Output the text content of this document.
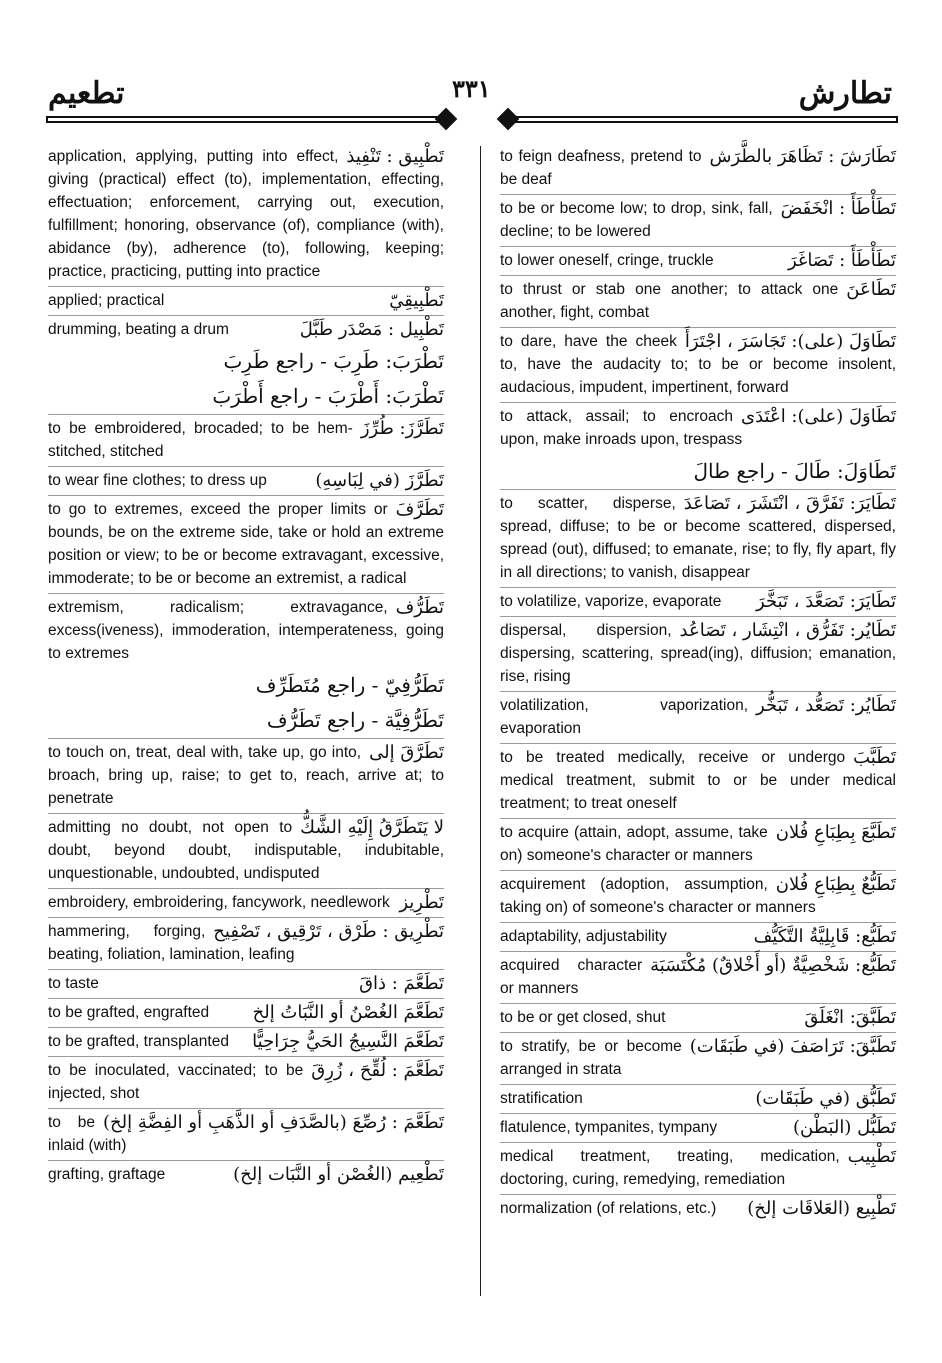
تطارش
٣٣١
تطعيم
تَطْبِيق : تَنْفِيذ
application, applying, putting into effect, giving (practical) effect (to), implementation, effecting, effectuation; enforcement, carrying out, execution, fulfillment; honoring, observance (of), compliance (with), abidance (by), adherence (to), following, keeping; practice, practicing, putting into practice
تَطْبِيقِيّ
applied; practical
تَطْبِيل : مَصْدَر طَبَّلَ
drumming, beating a drum
تَطْرَبَ: طَرِبَ - راجع طَرِبَ
تَطْرَبَ: أَطْرَبَ - راجع أَطْرَبَ
تَطَرَّزَ: طُرِّزَ
to be embroidered, brocaded; to be hem-stitched, stitched
تَطَرَّزَ (في لِبَاسِهِ)
to wear fine clothes; to dress up
تَطَرَّفَ
to go to extremes, exceed the proper limits or bounds, be on the extreme side, take or hold an extreme position or view; to be or become extravagant, excessive, immoderate; to be or become an extremist, a radical
تَطَرُّف
extremism, radicalism; extravagance, excess(iveness), immoderation, intemperateness, going to extremes
تَطَرُّفِيّ - راجع مُتَطَرِّف
تَطَرُّفِيَّة - راجع تَطَرُّف
تَطَرَّقَ إلى
to touch on, treat, deal with, take up, go into, broach, bring up, raise; to get to, reach, arrive at; to penetrate
لا يَتَطَرَّقُ إِلَيْهِ الشَّكُّ
admitting no doubt, not open to doubt, beyond doubt, indisputable, indubitable, unquestionable, undoubted, undisputed
تَطْرِيز
embroidery, embroidering, fancywork, needlework
تَطْرِيق : طَرْق ، تَرْقِيق ، تَصْفِيح
hammering, forging, beating, foliation, lamination, leafing
تَطَعَّمَ : ذاقَ
to taste
تَطَعَّمَ الغُصْنُ أو النَّبَاتُ إلخ
to be grafted, engrafted
تَطَعَّمَ النَّسِيجُ الحَيُّ جِرَاحِيًّا
to be grafted, transplanted
تَطَعَّمَ : لُقِّحَ ، زُرِقَ
to be inoculated, vaccinated; to be injected, shot
تَطَعَّمَ : رُصِّعَ (بالصَّدَفِ أو الذَّهَبِ أو الفِضَّةِ إلخ)
to be inlaid (with)
تَطْعِيم (الغُصْن أو النَّبَات إلخ)
grafting, graftage
تَطَارَشَ : تَظَاهَرَ بالطَّرَش
to feign deafness, pretend to be deaf
تَطَأْطَأَ : انْخَفَضَ
to be or become low; to drop, sink, fall, decline; to be lowered
تَطَأْطَأَ : تَصَاغَرَ
to lower oneself, cringe, truckle
تَطَاعَنَ
to thrust or stab one another; to attack one another, fight, combat
تَطَاوَلَ (على): تَجَاسَرَ ، اجْتَرَأَ
to dare, have the cheek to, have the audacity to; to be or become insolent, audacious, impudent, impertinent, forward
تَطَاوَلَ (على): اعْتَدَى
to attack, assail; to encroach upon, make inroads upon, trespass
تَطَاوَلَ: طَالَ - راجع طالَ
تَطَايَرَ: تَفَرَّقَ ، انْتَشَرَ ، تَصَاعَدَ
to scatter, disperse, spread, diffuse; to be or become scattered, dispersed, spread (out), diffused; to emanate, rise; to fly, fly apart, fly in all directions; to vanish, disappear
تَطَايَرَ: تَصَعَّدَ ، تَبَخَّرَ
to volatilize, vaporize, evaporate
تَطَايُر: تَفَرُّق ، انْتِشَار ، تَصَاعُد
dispersal, dispersion, dispersing, scattering, spread(ing), diffusion; emanation, rise, rising
تَطَايُر: تَصَعُّد ، تَبَخُّر
volatilization, vaporization, evaporation
تَطَبَّبَ
to be treated medically, receive or undergo medical treatment, submit to or be under medical treatment; to treat oneself
تَطَبَّعَ بِطِبَاعِ فُلان
to acquire (attain, adopt, assume, take on) someone's character or manners
تَطَبُّعٌ بِطِبَاعِ فُلان
acquirement (adoption, assumption, taking on) of someone's character or manners
تَطَبُّع: قَابِلِيَّةُ التَّكَيُّف
adaptability, adjustability
تَطَبُّع: شَخْصِيَّةٌ (أو أَخْلاقٌ) مُكْتَسَبَة
acquired character or manners
تَطَبَّقَ: انْغَلَقَ
to be or get closed, shut
تَطَبَّقَ: تَرَاصَفَ (في طَبَقَات)
to stratify, be or become arranged in strata
تَطَبُّق (في طَبَقَات)
stratification
تَطَبُّل (البَطْن)
flatulence, tympanites, tympany
تَطْبِيب
medical treatment, treating, medication, doctoring, curing, remedying, remediation
تَطْبِيع (العَلاقَات إلخ)
normalization (of relations, etc.)
